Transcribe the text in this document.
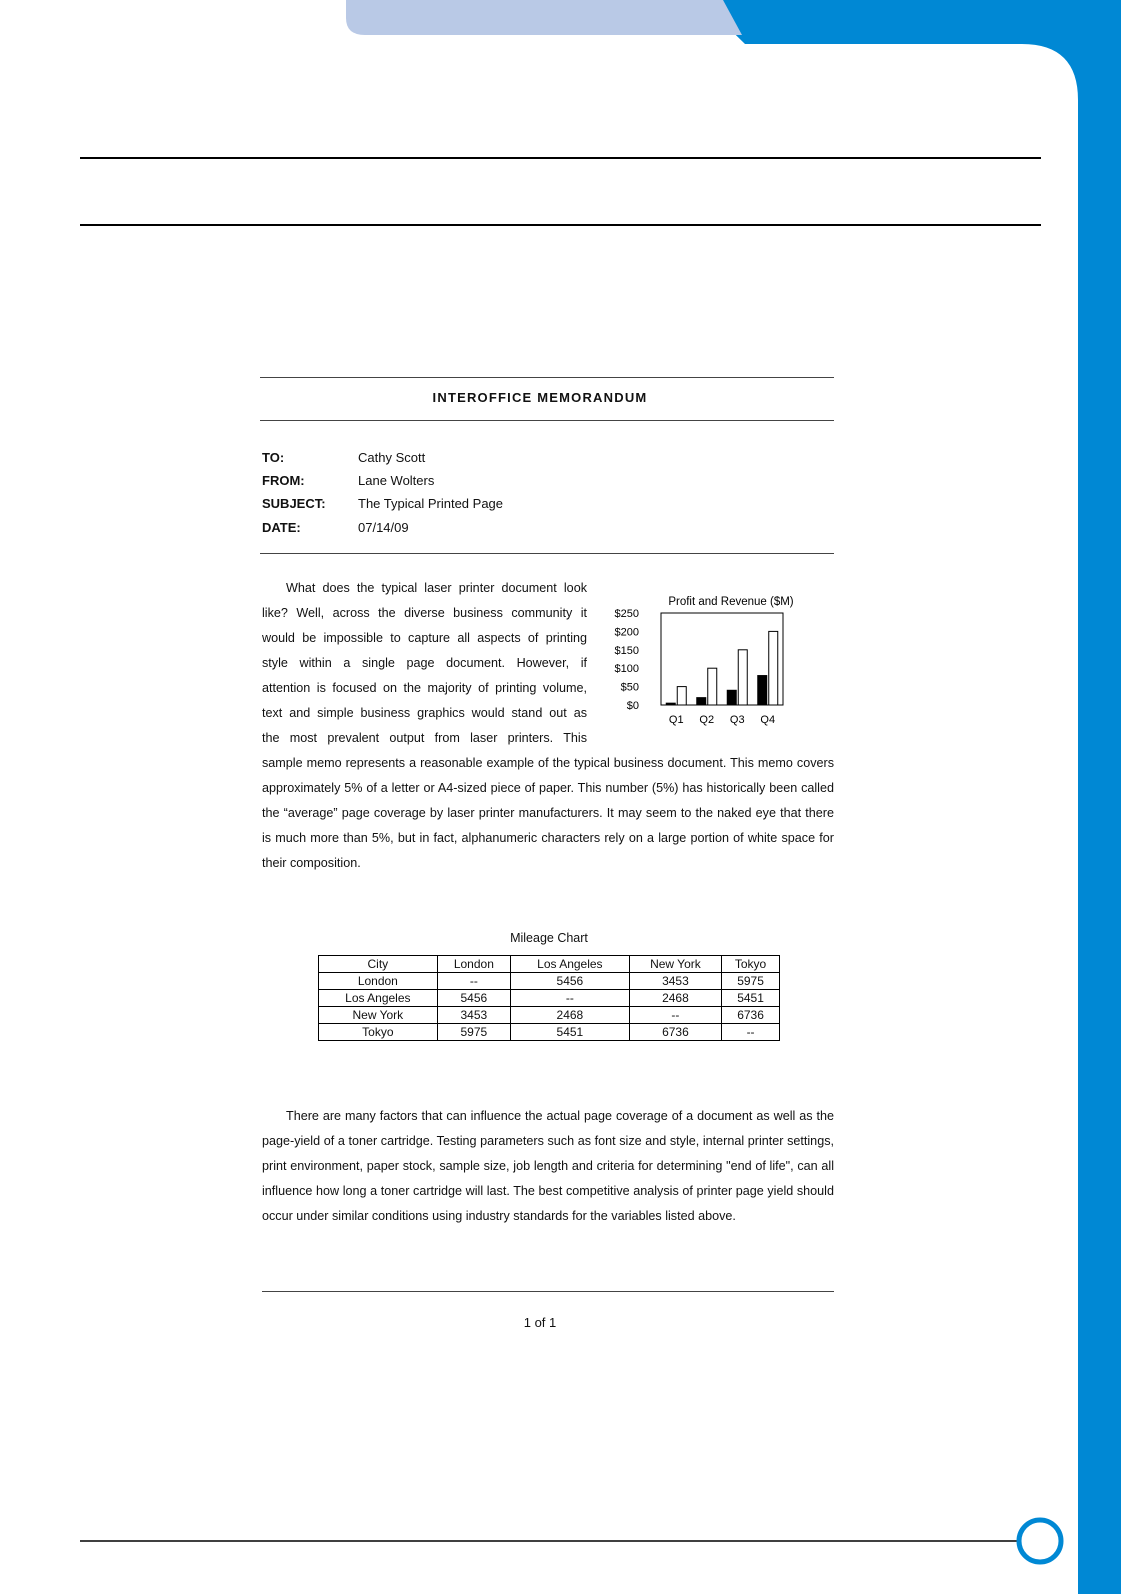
INTEROFFICE MEMORANDUM
TO:	Cathy Scott
FROM:	Lane Wolters
SUBJECT: The Typical Printed Page
DATE:	07/14/09
What does the typical laser printer document look
like? Well, across the diverse business community it
would be impossible to capture all aspects of printing
style within a single page document. However, if
attention is focused on the majority of printing volume,
text and simple business graphics would stand out as
the most prevalent output from laser printers. This

sample memo represents a reasonable example of the typical business document. This memo covers approximately 5% of a letter or A4-sized piece of paper. This number (5%) has historically been called the “average” page coverage by laser printer manufacturers. It may seem to the naked eye that there is much more than 5%, but in fact, alphanumeric characters rely on a large portion of white space for their composition.

Profit and Revenue ($M)
$250
$200
$150
$100
$50
$0
Q1 Q2 Q3 Q4
Mileage Chart
City	London	Los Angeles	New York	Tokyo
London	--	5456	3453	5975
Los Angeles	5456	--	2468	5451
New York	3453	2468	--	6736
Tokyo	5975	5451	6736	--

There are many factors that can influence the actual page coverage of a document as well as the page-yield of a toner cartridge. Testing parameters such as font size and style, internal printer settings, print environment, paper stock, sample size, job length and criteria for determining "end of life", can all influence how long a toner cartridge will last. The best competitive analysis of printer page yield should occur under similar conditions using industry standards for the variables listed above.

1 of 1
